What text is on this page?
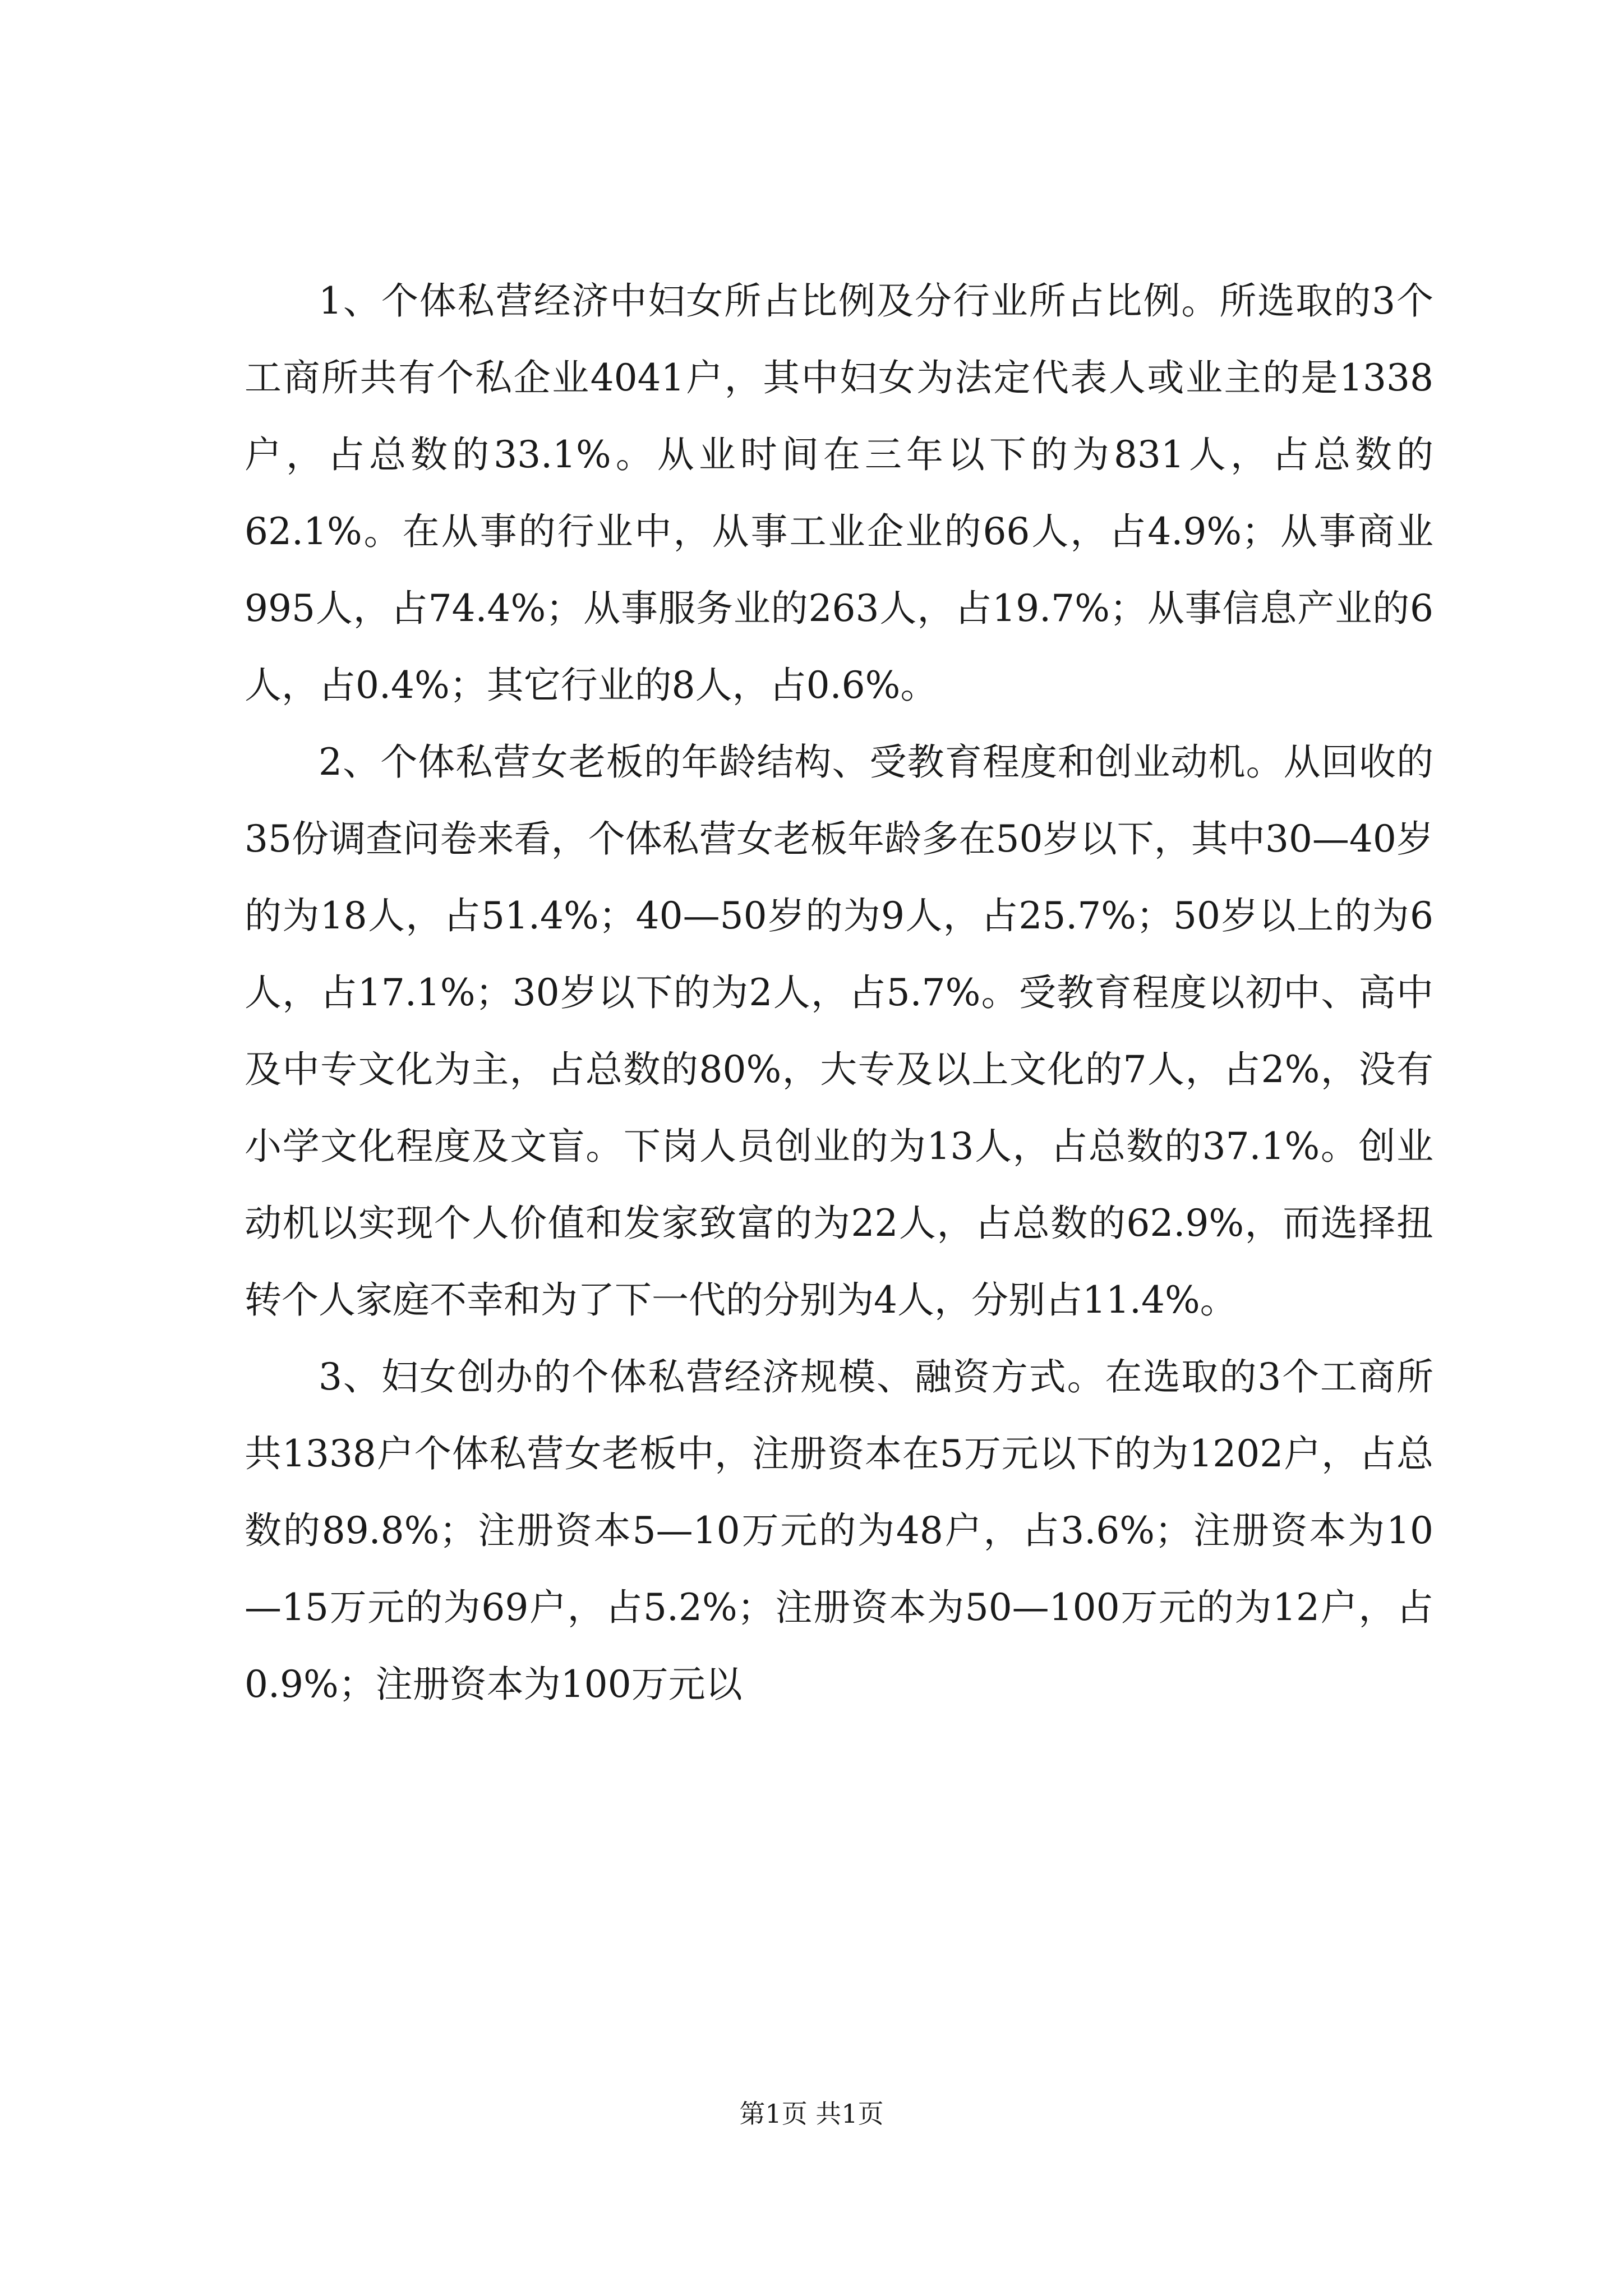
1、个体私营经济中妇女所占比例及分行业所占比例。所选取的3个工商所共有个私企业4041户，其中妇女为法定代表人或业主的是1338户，占总数的33.1%。从业时间在三年以下的为831人，占总数的62.1%。在从事的行业中，从事工业企业的66人，占4.9%；从事商业995人，占74.4%；从事服务业的263人，占19.7%；从事信息产业的6人，占0.4%；其它行业的8人，占0.6%。

2、个体私营女老板的年龄结构、受教育程度和创业动机。从回收的35份调查问卷来看，个体私营女老板年龄多在50岁以下，其中30—40岁的为18人，占51.4%；40—50岁的为9人，占25.7%；50岁以上的为6人，占17.1%；30岁以下的为2人，占5.7%。受教育程度以初中、高中及中专文化为主，占总数的80%，大专及以上文化的7人，占2%，没有小学文化程度及文盲。下岗人员创业的为13人，占总数的37.1%。创业动机以实现个人价值和发家致富的为22人，占总数的62.9%，而选择扭转个人家庭不幸和为了下一代的分别为4人，分别占11.4%。

3、妇女创办的个体私营经济规模、融资方式。在选取的3个工商所共1338户个体私营女老板中，注册资本在5万元以下的为1202户，占总数的89.8%；注册资本5—10万元的为48户，占3.6%；注册资本为10—15万元的为69户，占5.2%；注册资本为50—100万元的为12户，占0.9%；注册资本为100万元以

第1页 共1页
